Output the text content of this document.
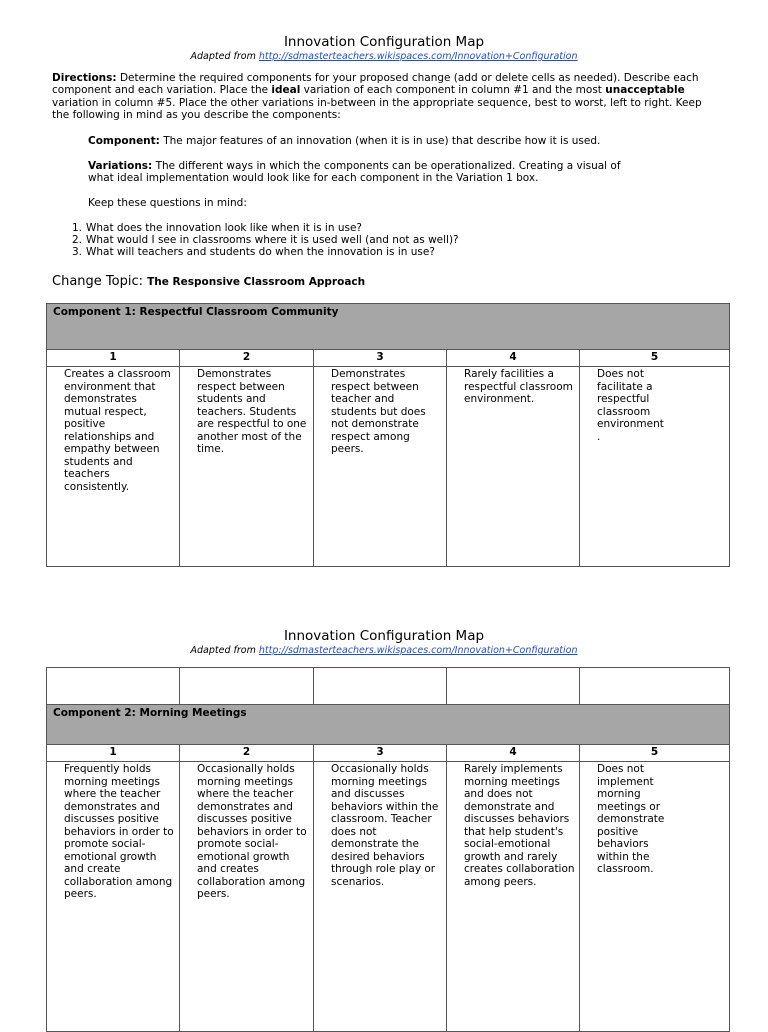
Innovation Configuration Map
Adapted from http://sdmasterteachers.wikispaces.com/Innovation+Configuration
Directions: Determine the required components for your proposed change (add or delete cells as needed). Describe each component and each variation. Place the ideal variation of each component in column #1 and the most unacceptable variation in column #5. Place the other variations in-between in the appropriate sequence, best to worst, left to right. Keep the following in mind as you describe the components:
Component: The major features of an innovation (when it is in use) that describe how it is used.
Variations: The different ways in which the components can be operationalized. Creating a visual of what ideal implementation would look like for each component in the Variation 1 box.
Keep these questions in mind:
1. What does the innovation look like when it is in use?
2. What would I see in classrooms where it is used well (and not as well)?
3. What will teachers and students do when the innovation is in use?
Change Topic: The Responsive Classroom Approach
Component 1: Respectful Classroom Community				
1	2	3	4	5
Creates a classroom environment that demonstrates mutual respect, positive relationships and empathy between students and teachers consistently.	Demonstrates respect between students and teachers. Students are respectful to one another most of the time.	Demonstrates respect between teacher and students but does not demonstrate respect among peers.	Rarely facilities a respectful classroom environment.	Does not facilitate a respectful classroom environment .
Innovation Configuration Map
Adapted from http://sdmasterteachers.wikispaces.com/Innovation+Configuration

Component 2: Morning Meetings				
1	2	3	4	5
Frequently holds morning meetings where the teacher demonstrates and discusses positive behaviors in order to promote social-emotional growth and create collaboration among peers.	Occasionally holds morning meetings where the teacher demonstrates and discusses positive behaviors in order to promote social-emotional growth and creates collaboration among peers.	Occasionally holds morning meetings and discusses behaviors within the classroom. Teacher does not demonstrate the desired behaviors through role play or scenarios.	Rarely implements morning meetings and does not demonstrate and discusses behaviors that help student's social-emotional growth and rarely creates collaboration among peers.	Does not implement morning meetings or demonstrate positive behaviors within the classroom.
